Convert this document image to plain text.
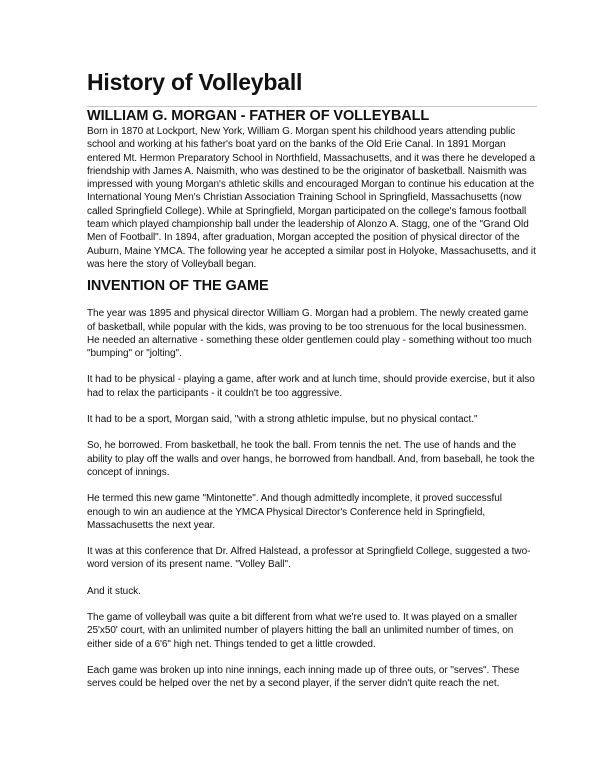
History of Volleyball
WILLIAM G. MORGAN - FATHER OF VOLLEYBALL

Born in 1870 at Lockport, New York, William G. Morgan spent his childhood years attending public school and working at his father's boat yard on the banks of the Old Erie Canal. In 1891 Morgan entered Mt. Hermon Preparatory School in Northfield, Massachusetts, and it was there he developed a friendship with James A. Naismith, who was destined to be the originator of basketball. Naismith was impressed with young Morgan's athletic skills and encouraged Morgan to continue his education at the International Young Men's Christian Association Training School in Springfield, Massachusetts (now called Springfield College). While at Springfield, Morgan participated on the college's famous football team which played championship ball under the leadership of Alonzo A. Stagg, one of the "Grand Old Men of Football". In 1894, after graduation, Morgan accepted the position of physical director of the Auburn, Maine YMCA. The following year he accepted a similar post in Holyoke, Massachusetts, and it was here the story of Volleyball began.

INVENTION OF THE GAME

The year was 1895 and physical director William G. Morgan had a problem. The newly created game of basketball, while popular with the kids, was proving to be too strenuous for the local businessmen. He needed an alternative - something these older gentlemen could play - something without too much "bumping" or "jolting".

It had to be physical - playing a game, after work and at lunch time, should provide exercise, but it also had to relax the participants - it couldn't be too aggressive.

It had to be a sport, Morgan said, "with a strong athletic impulse, but no physical contact."

So, he borrowed. From basketball, he took the ball. From tennis the net. The use of hands and the ability to play off the walls and over hangs, he borrowed from handball. And, from baseball, he took the concept of innings.

He termed this new game "Mintonette". And though admittedly incomplete, it proved successful enough to win an audience at the YMCA Physical Director's Conference held in Springfield, Massachusetts the next year.

It was at this conference that Dr. Alfred Halstead, a professor at Springfield College, suggested a two-word version of its present name. "Volley Ball".

And it stuck.

The game of volleyball was quite a bit different from what we're used to. It was played on a smaller 25'x50' court, with an unlimited number of players hitting the ball an unlimited number of times, on either side of a 6'6" high net. Things tended to get a little crowded.

Each game was broken up into nine innings, each inning made up of three outs, or "serves". These serves could be helped over the net by a second player, if the server didn't quite reach the net.
